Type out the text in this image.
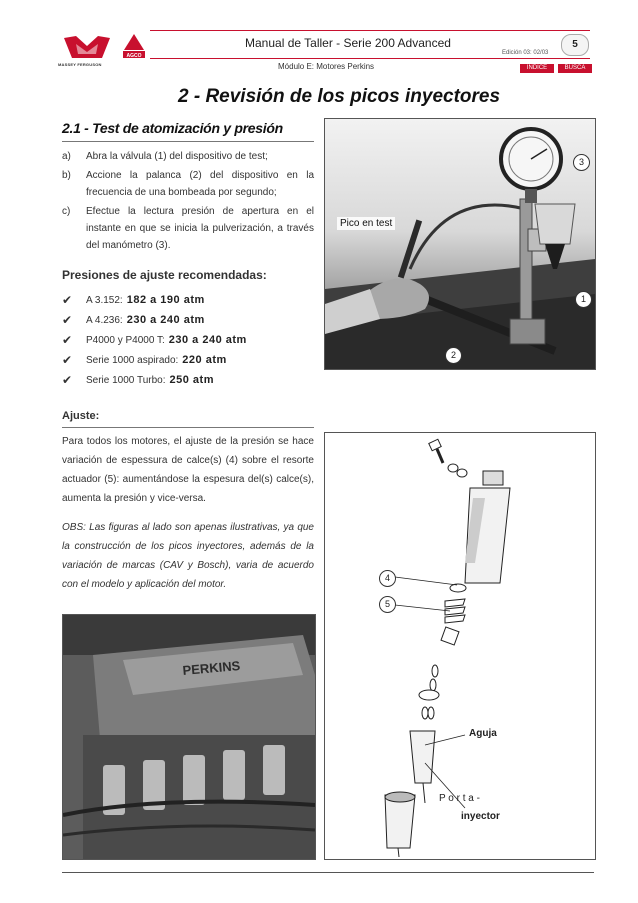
MASSEY FERGUSON
AGCO
Manual de Taller - Serie 200 Advanced
Módulo E: Motores Perkins
Edición 03: 02/03
5
INDICE	BUSCA
2 - Revisión de los picos inyectores
2.1 - Test de atomización y presión
a)	Abra la válvula (1) del dispositivo de test;
b)	Accione la palanca (2) del dispositivo en la frecuencia de una bombeada por segundo;
c)	Efectue la lectura presión de apertura en el instante en que se inicia la pulverización, a través del manómetro (3).
Presiones de ajuste recomendadas:
✔	A 3.152: 182 a 190 atm
✔	A 4.236: 230 a 240 atm
✔	P4000 y P4000 T: 230 a 240 atm
✔	Serie 1000 aspirado: 220 atm
✔	Serie 1000 Turbo: 250 atm
Ajuste:
Para todos los motores, el ajuste de la presión se hace variación de espessura de calce(s) (4) sobre el resorte actuador (5): aumentándose la espesura del(s) calce(s), aumenta la presión y vice-versa.
OBS: Las figuras al lado son apenas ilustrativas, ya que la construcción de los picos inyectores, además de la variación de marcas (CAV y Bosch), varia de acuerdo con el modelo y aplicación del motor.
Pico en test
3
1
2
PERKINS
4
5
Aguja
P o r t a -
inyector
